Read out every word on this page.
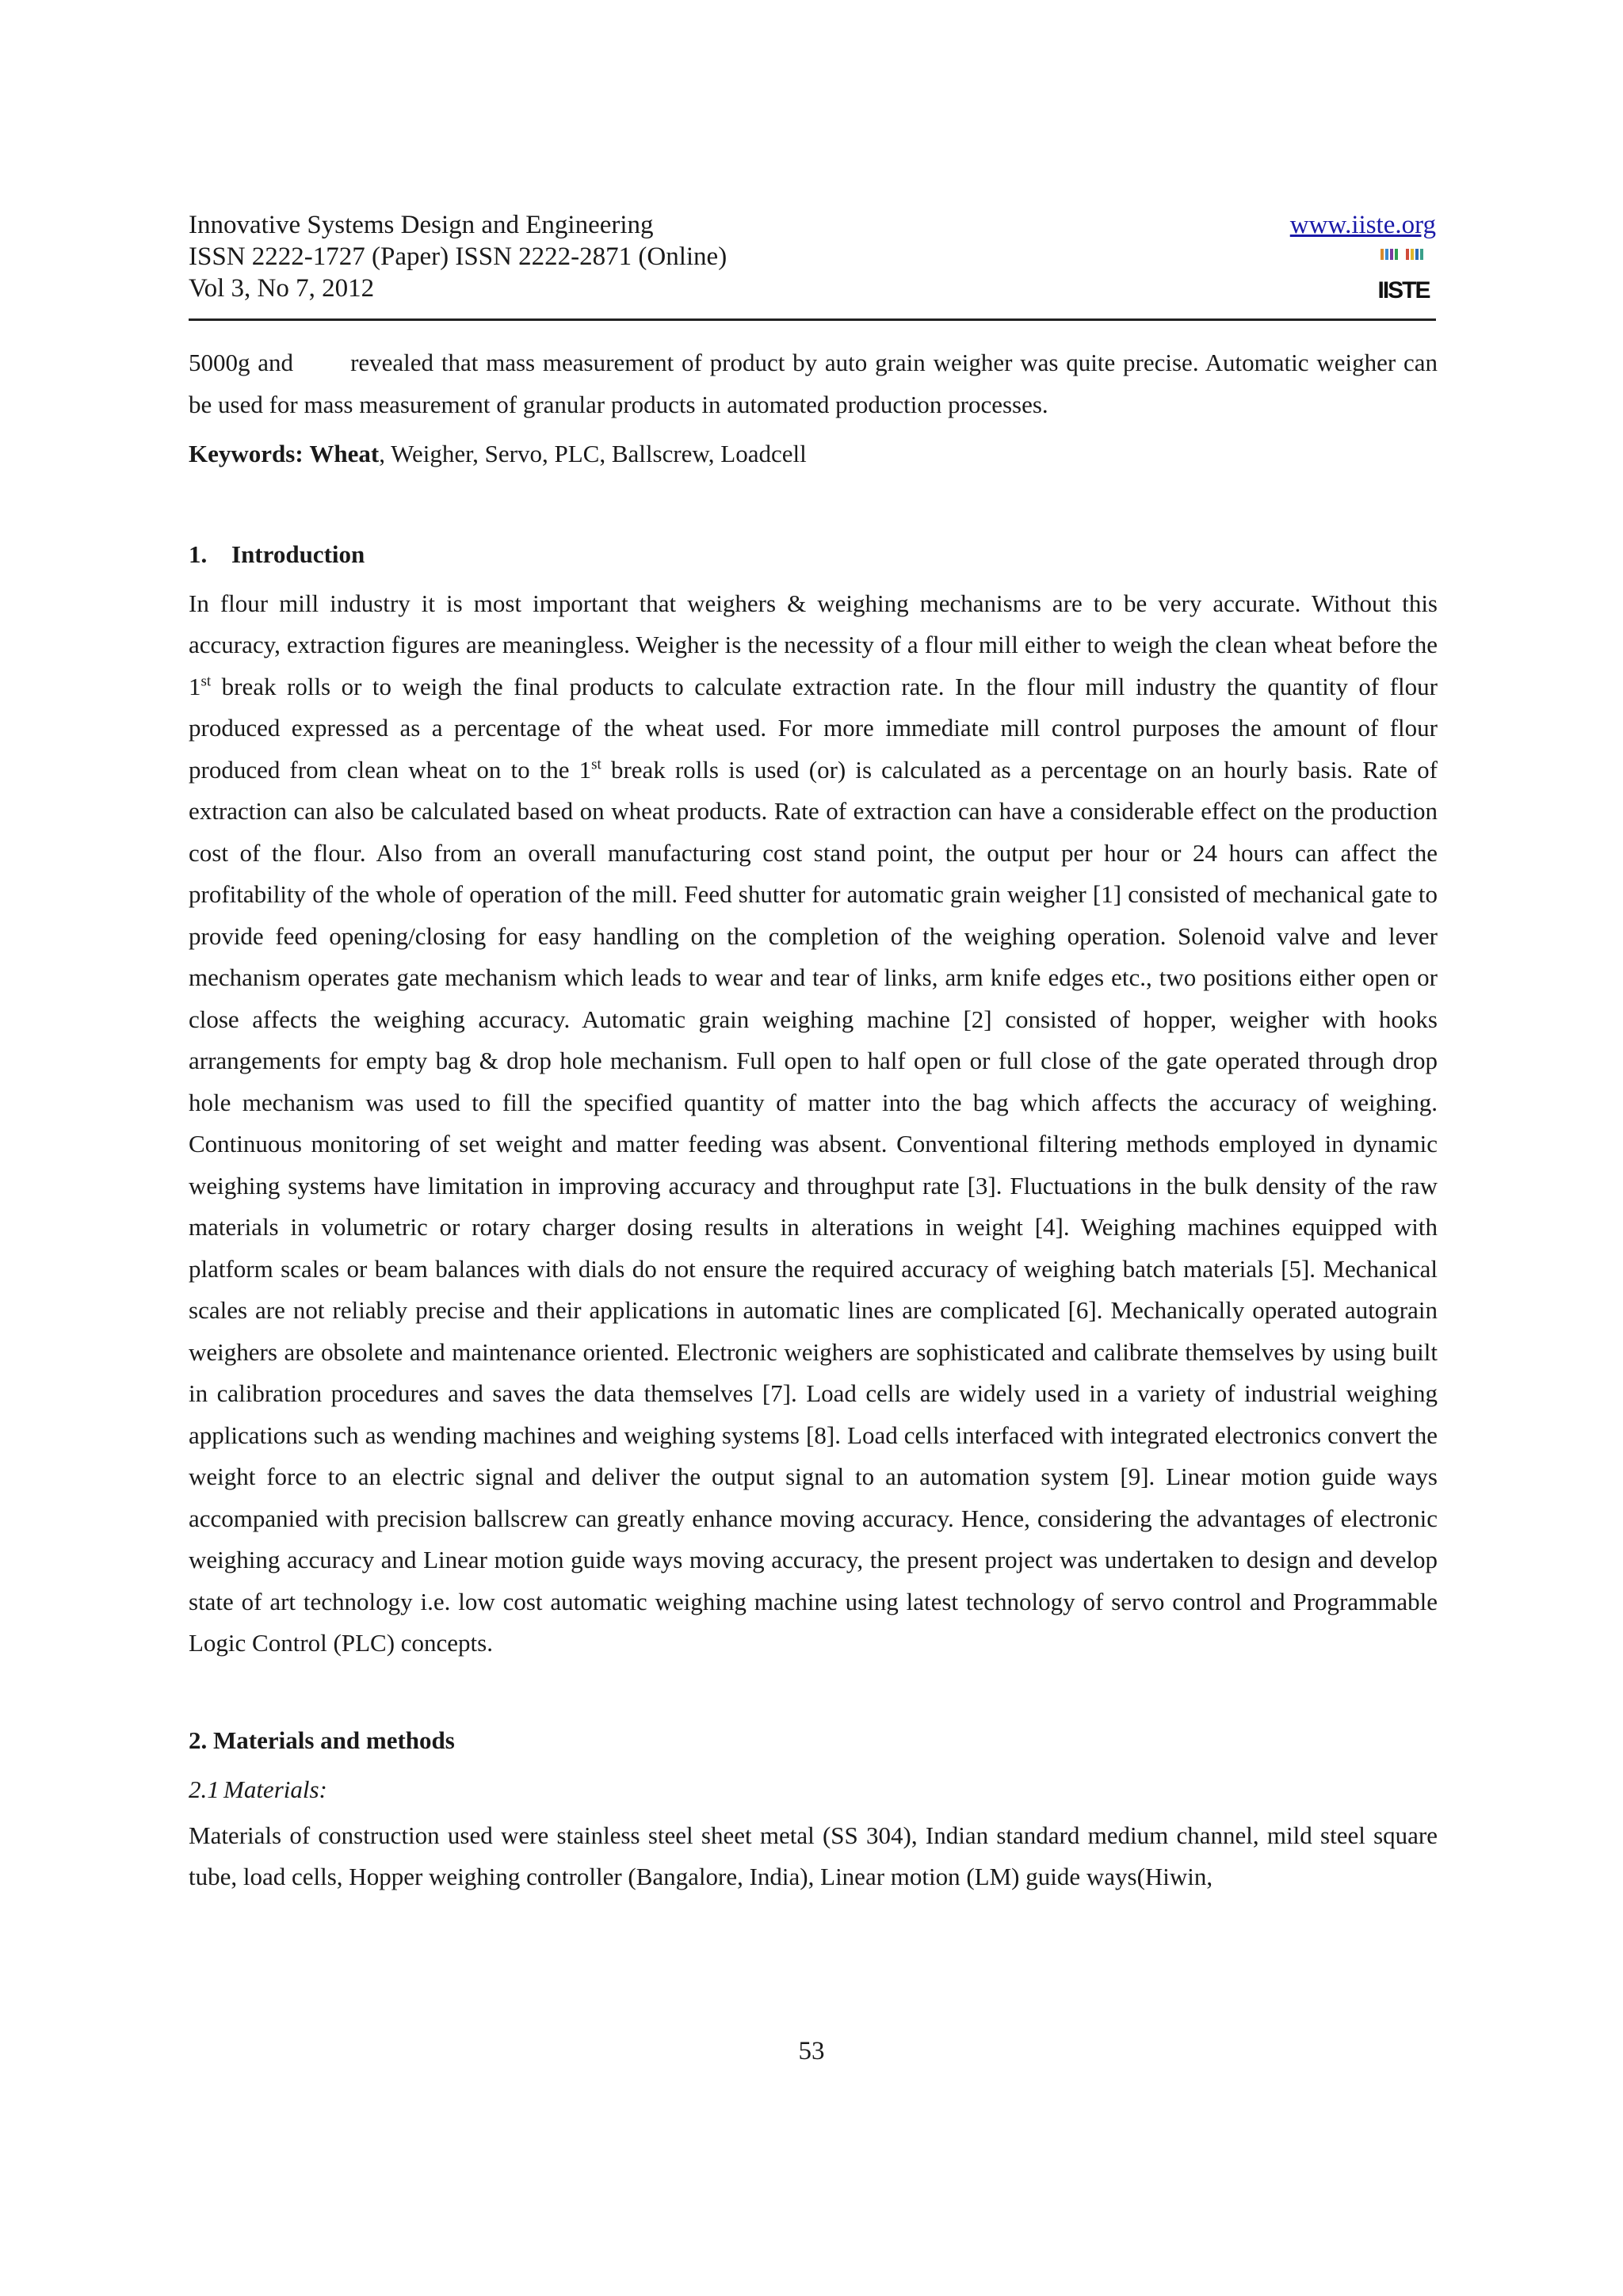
Innovative Systems Design and Engineering
ISSN 2222-1727 (Paper) ISSN 2222-2871 (Online)
Vol 3, No 7, 2012
www.iiste.org
IISTE

5000g and revealed that mass measurement of product by auto grain weigher was quite precise. Automatic weigher can be used for mass measurement of granular products in automated production processes.

Keywords: Wheat, Weigher, Servo, PLC, Ballscrew, Loadcell

1. Introduction

In flour mill industry it is most important that weighers & weighing mechanisms are to be very accurate. Without this accuracy, extraction figures are meaningless. Weigher is the necessity of a flour mill either to weigh the clean wheat before the 1st break rolls or to weigh the final products to calculate extraction rate. In the flour mill industry the quantity of flour produced expressed as a percentage of the wheat used. For more immediate mill control purposes the amount of flour produced from clean wheat on to the 1st break rolls is used (or) is calculated as a percentage on an hourly basis. Rate of extraction can also be calculated based on wheat products. Rate of extraction can have a considerable effect on the production cost of the flour. Also from an overall manufacturing cost stand point, the output per hour or 24 hours can affect the profitability of the whole of operation of the mill. Feed shutter for automatic grain weigher [1] consisted of mechanical gate to provide feed opening/closing for easy handling on the completion of the weighing operation. Solenoid valve and lever mechanism operates gate mechanism which leads to wear and tear of links, arm knife edges etc., two positions either open or close affects the weighing accuracy. Automatic grain weighing machine [2] consisted of hopper, weigher with hooks arrangements for empty bag & drop hole mechanism. Full open to half open or full close of the gate operated through drop hole mechanism was used to fill the specified quantity of matter into the bag which affects the accuracy of weighing. Continuous monitoring of set weight and matter feeding was absent. Conventional filtering methods employed in dynamic weighing systems have limitation in improving accuracy and throughput rate [3]. Fluctuations in the bulk density of the raw materials in volumetric or rotary charger dosing results in alterations in weight [4]. Weighing machines equipped with platform scales or beam balances with dials do not ensure the required accuracy of weighing batch materials [5]. Mechanical scales are not reliably precise and their applications in automatic lines are complicated [6]. Mechanically operated autograin weighers are obsolete and maintenance oriented. Electronic weighers are sophisticated and calibrate themselves by using built in calibration procedures and saves the data themselves [7]. Load cells are widely used in a variety of industrial weighing applications such as wending machines and weighing systems [8]. Load cells interfaced with integrated electronics convert the weight force to an electric signal and deliver the output signal to an automation system [9]. Linear motion guide ways accompanied with precision ballscrew can greatly enhance moving accuracy. Hence, considering the advantages of electronic weighing accuracy and Linear motion guide ways moving accuracy, the present project was undertaken to design and develop state of art technology i.e. low cost automatic weighing machine using latest technology of servo control and Programmable Logic Control (PLC) concepts.

2. Materials and methods
2.1 Materials:

Materials of construction used were stainless steel sheet metal (SS 304), Indian standard medium channel, mild steel square tube, load cells, Hopper weighing controller (Bangalore, India), Linear motion (LM) guide ways(Hiwin,

53
